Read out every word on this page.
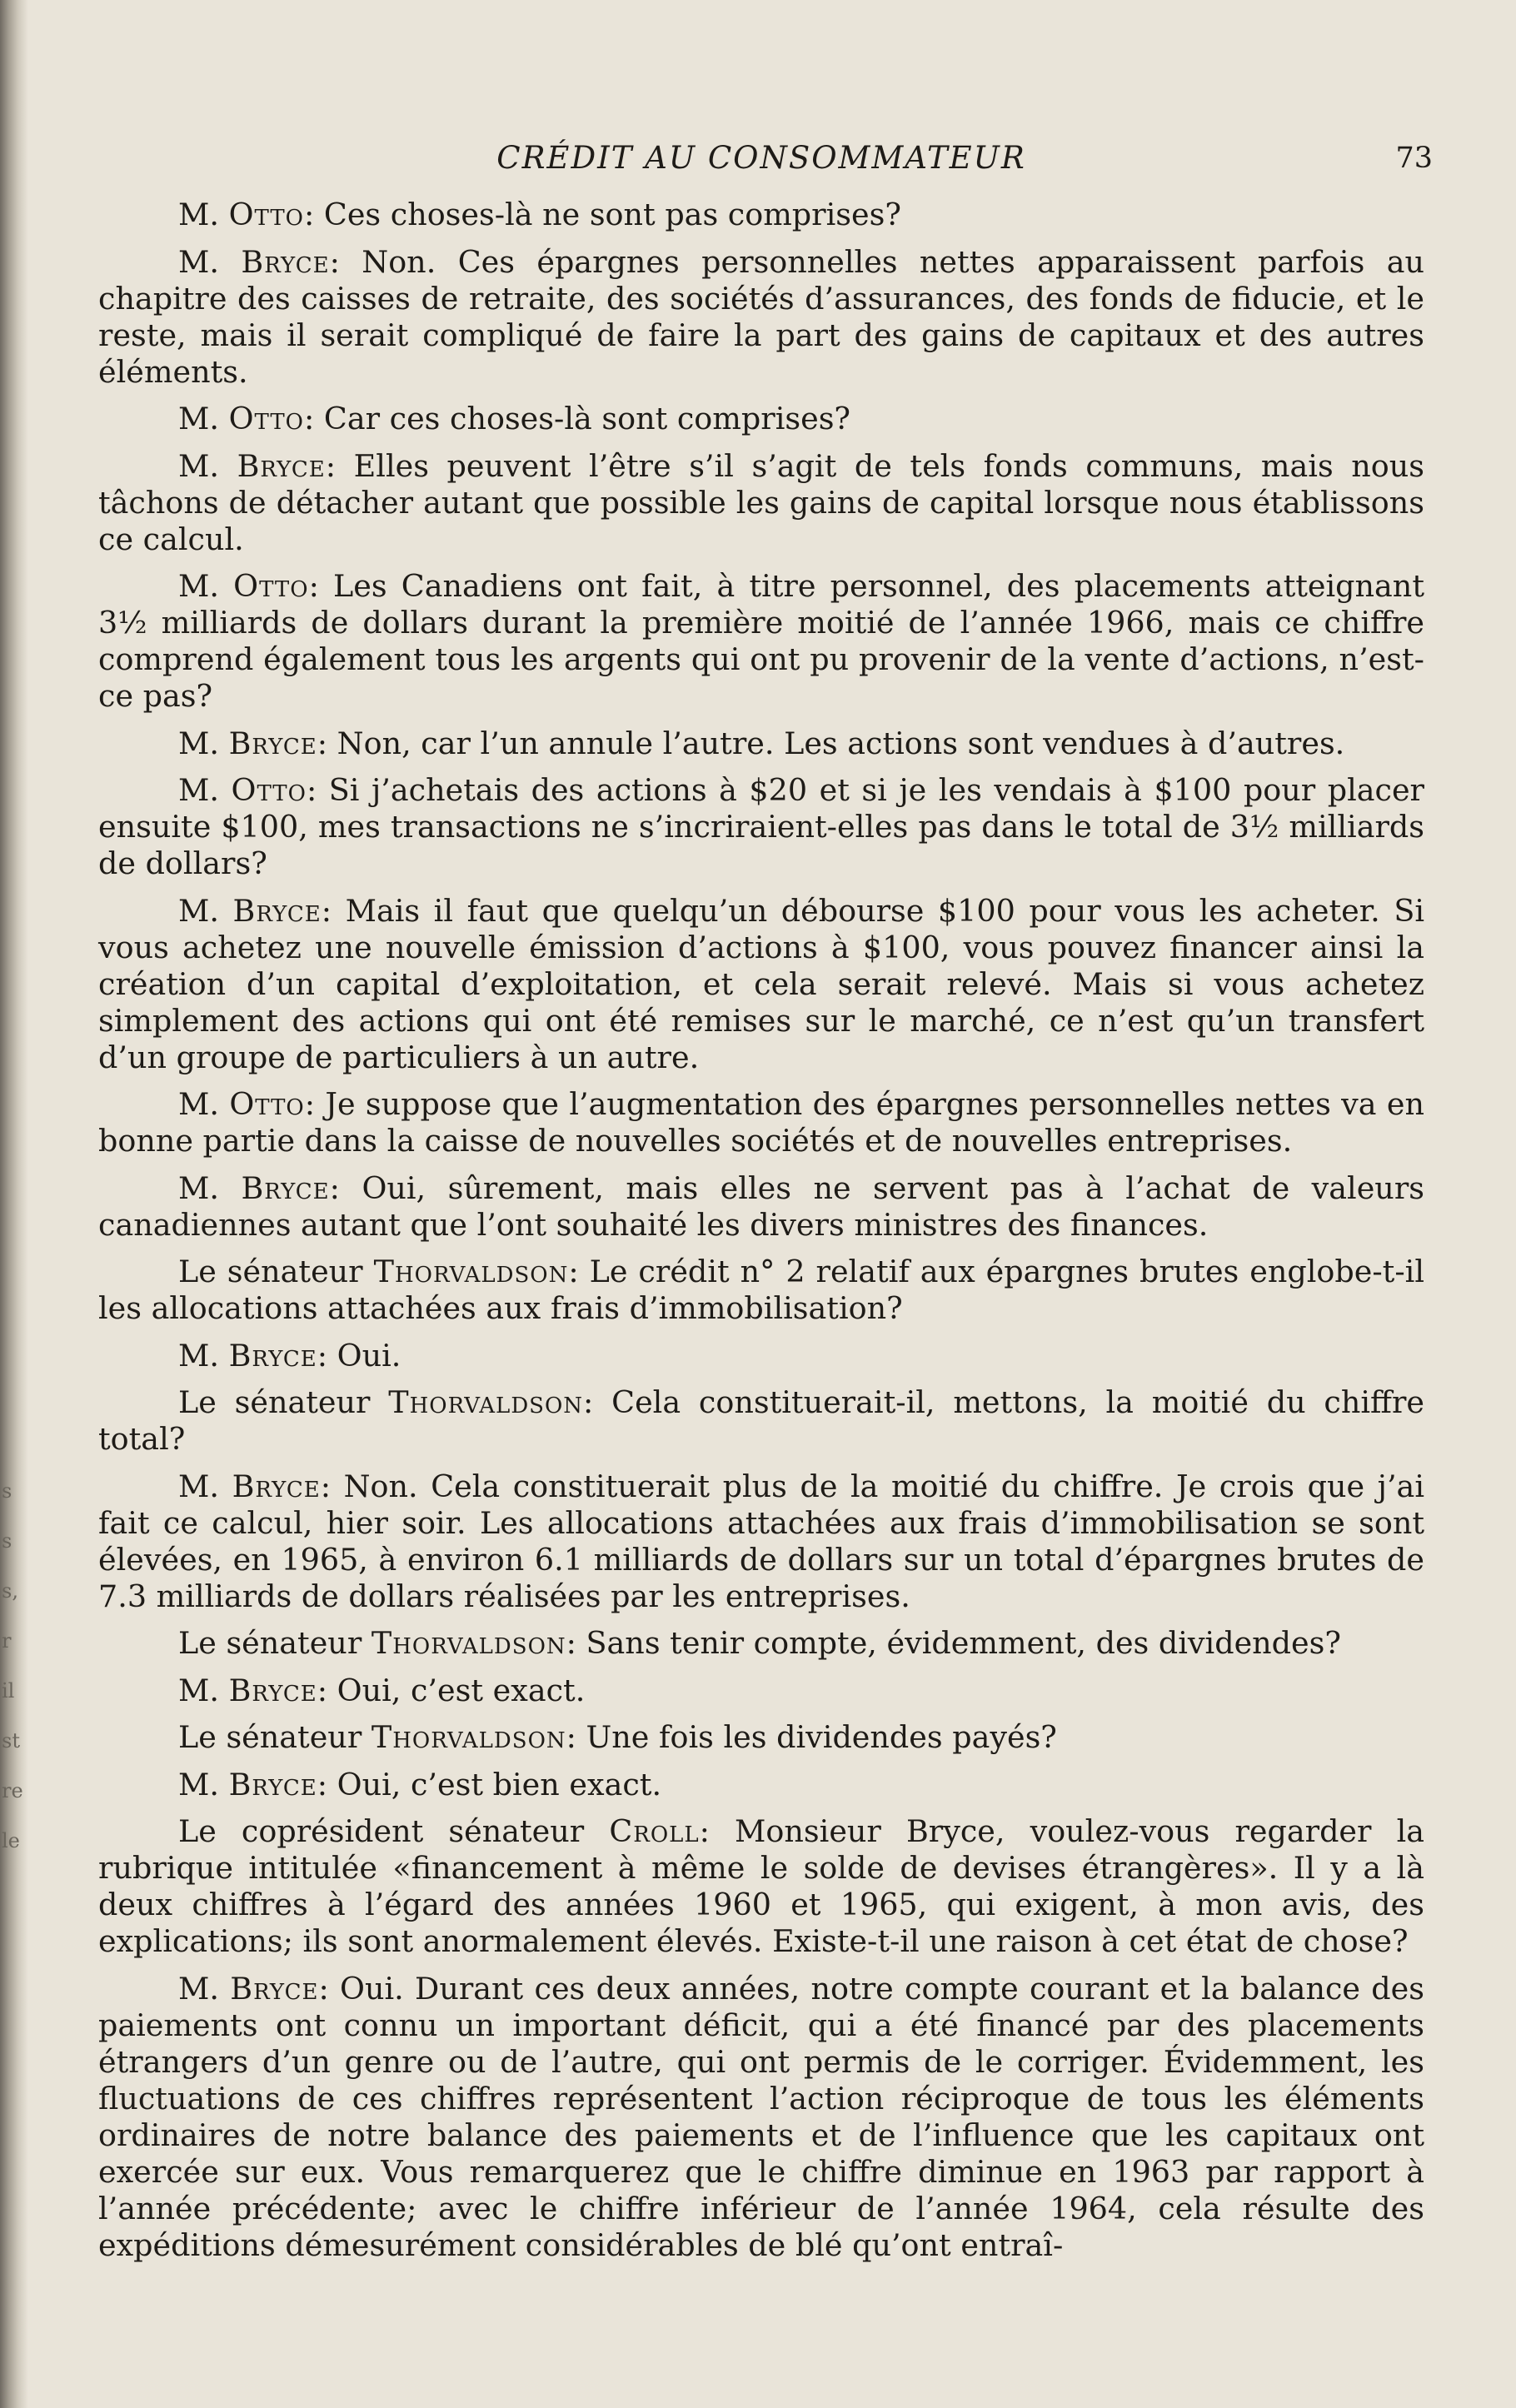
s
s
s,
r
il
st
re
le
CRÉDIT AU CONSOMMATEUR	73

M. Otto: Ces choses-là ne sont pas comprises?

M. Bryce: Non. Ces épargnes personnelles nettes apparaissent parfois au chapitre des caisses de retraite, des sociétés d’assurances, des fonds de fiducie, et le reste, mais il serait compliqué de faire la part des gains de capitaux et des autres éléments.

M. Otto: Car ces choses-là sont comprises?

M. Bryce: Elles peuvent l’être s’il s’agit de tels fonds communs, mais nous tâchons de détacher autant que possible les gains de capital lorsque nous établissons ce calcul.

M. Otto: Les Canadiens ont fait, à titre personnel, des placements atteignant 3½ milliards de dollars durant la première moitié de l’année 1966, mais ce chiffre comprend également tous les argents qui ont pu provenir de la vente d’actions, n’est-ce pas?

M. Bryce: Non, car l’un annule l’autre. Les actions sont vendues à d’autres.

M. Otto: Si j’achetais des actions à $20 et si je les vendais à $100 pour placer ensuite $100, mes transactions ne s’incriraient-elles pas dans le total de 3½ milliards de dollars?

M. Bryce: Mais il faut que quelqu’un débourse $100 pour vous les acheter. Si vous achetez une nouvelle émission d’actions à $100, vous pouvez financer ainsi la création d’un capital d’exploitation, et cela serait relevé. Mais si vous achetez simplement des actions qui ont été remises sur le marché, ce n’est qu’un transfert d’un groupe de particuliers à un autre.

M. Otto: Je suppose que l’augmentation des épargnes personnelles nettes va en bonne partie dans la caisse de nouvelles sociétés et de nouvelles entreprises.

M. Bryce: Oui, sûrement, mais elles ne servent pas à l’achat de valeurs canadiennes autant que l’ont souhaité les divers ministres des finances.

Le sénateur Thorvaldson: Le crédit n° 2 relatif aux épargnes brutes englobe-t-il les allocations attachées aux frais d’immobilisation?

M. Bryce: Oui.

Le sénateur Thorvaldson: Cela constituerait-il, mettons, la moitié du chiffre total?

M. Bryce: Non. Cela constituerait plus de la moitié du chiffre. Je crois que j’ai fait ce calcul, hier soir. Les allocations attachées aux frais d’immobilisation se sont élevées, en 1965, à environ 6.1 milliards de dollars sur un total d’épargnes brutes de 7.3 milliards de dollars réalisées par les entreprises.

Le sénateur Thorvaldson: Sans tenir compte, évidemment, des dividendes?

M. Bryce: Oui, c’est exact.

Le sénateur Thorvaldson: Une fois les dividendes payés?

M. Bryce: Oui, c’est bien exact.

Le coprésident sénateur Croll: Monsieur Bryce, voulez-vous regarder la rubrique intitulée «financement à même le solde de devises étrangères». Il y a là deux chiffres à l’égard des années 1960 et 1965, qui exigent, à mon avis, des explications; ils sont anormalement élevés. Existe-t-il une raison à cet état de chose?

M. Bryce: Oui. Durant ces deux années, notre compte courant et la balance des paiements ont connu un important déficit, qui a été financé par des placements étrangers d’un genre ou de l’autre, qui ont permis de le corriger. Évidemment, les fluctuations de ces chiffres représentent l’action réciproque de tous les éléments ordinaires de notre balance des paiements et de l’influence que les capitaux ont exercée sur eux. Vous remarquerez que le chiffre diminue en 1963 par rapport à l’année précédente; avec le chiffre inférieur de l’année 1964, cela résulte des expéditions démesurément considérables de blé qu’ont entraî-
